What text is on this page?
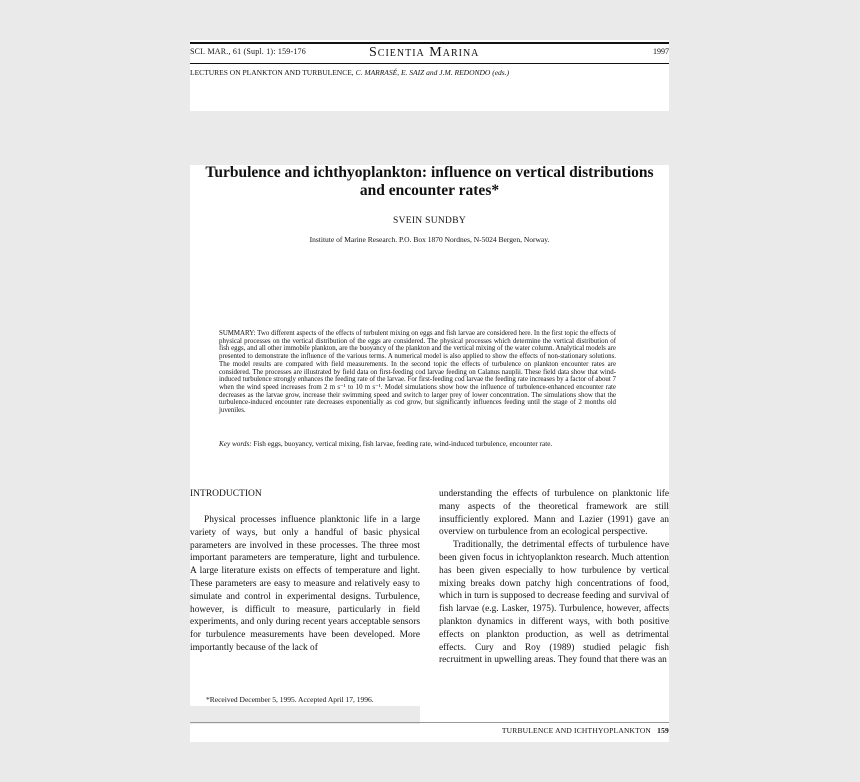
SCI. MAR., 61 (Supl. 1): 159-176	Scientia Marina	1997
LECTURES ON PLANKTON AND TURBULENCE, C. MARRASÉ, E. SAIZ and J.M. REDONDO (eds.)
Turbulence and ichthyoplankton: influence on vertical distributions and encounter rates*
SVEIN SUNDBY
Institute of Marine Research. P.O. Box 1870 Nordnes, N-5024 Bergen, Norway.
SUMMARY: Two different aspects of the effects of turbulent mixing on eggs and fish larvae are considered here. In the first topic the effects of physical processes on the vertical distribution of the eggs are considered. The physical processes which determine the vertical distribution of fish eggs, and all other immobile plankton, are the buoyancy of the plankton and the vertical mixing of the water column. Analytical models are presented to demonstrate the influence of the various terms. A numerical model is also applied to show the effects of non-stationary solutions. The model results are compared with field measurements. In the second topic the effects of turbulence on plankton encounter rates are considered. The processes are illustrated by field data on first-feeding cod larvae feeding on Calanus nauplii. These field data show that wind-induced turbulence strongly enhances the feeding rate of the larvae. For first-feeding cod larvae the feeding rate increases by a factor of about 7 when the wind speed increases from 2 m s⁻¹ to 10 m s⁻¹. Model simulations show how the influence of turbulence-enhanced encounter rate decreases as the larvae grow, increase their swimming speed and switch to larger prey of lower concentration. The simulations show that the turbulence-induced encounter rate decreases exponentially as cod grow, but significantly influences feeding until the stage of 2 months old juveniles.
Key words: Fish eggs, buoyancy, vertical mixing, fish larvae, feeding rate, wind-induced turbulence, encounter rate.
INTRODUCTION

Physical processes influence planktonic life in a large variety of ways, but only a handful of basic physical parameters are involved in these processes. The three most important parameters are temperature, light and turbulence. A large literature exists on effects of temperature and light. These parameters are easy to measure and relatively easy to simulate and control in experimental designs. Turbulence, however, is difficult to measure, particularly in field experiments, and only during recent years acceptable sensors for turbulence measurements have been developed. More importantly because of the lack of

understanding the effects of turbulence on planktonic life many aspects of the theoretical framework are still insufficiently explored. Mann and Lazier (1991) gave an overview on turbulence from an ecological perspective.

Traditionally, the detrimental effects of turbulence have been given focus in ichtyoplankton research. Much attention has been given especially to how turbulence by vertical mixing breaks down patchy high concentrations of food, which in turn is supposed to decrease feeding and survival of fish larvae (e.g. Lasker, 1975). Turbulence, however, affects plankton dynamics in different ways, with both positive effects on plankton production, as well as detrimental effects. Cury and Roy (1989) studied pelagic fish recruitment in upwelling areas. They found that there was an

*Received December 5, 1995. Accepted April 17, 1996.
TURBULENCE AND ICHTHYOPLANKTON 159
